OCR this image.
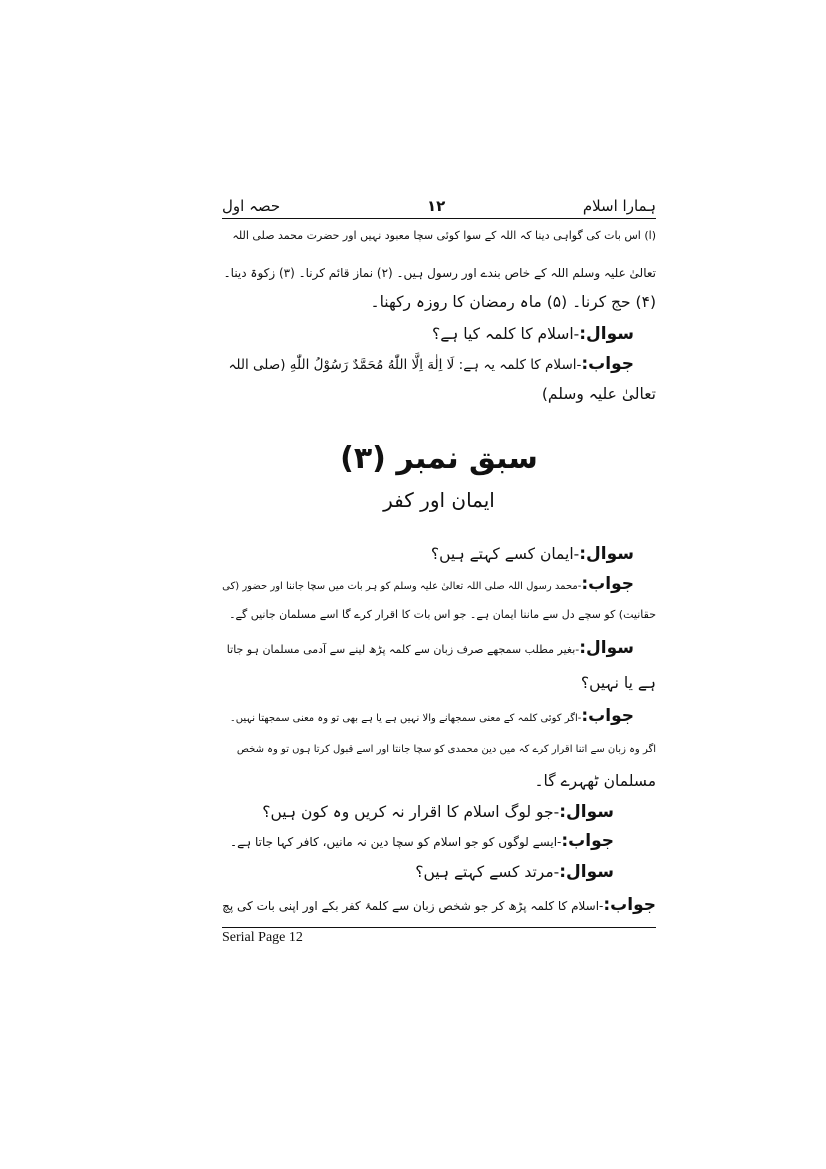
حصہ اول	۱۲	ہمارا اسلام
(ا) اس بات کی گواہی دینا کہ اللہ کے سوا کوئی سچا معبود نہیں اور حضرت محمد صلی اللہ
تعالیٰ علیہ وسلم اللہ کے خاص بندے اور رسول ہیں۔ (۲) نماز قائم کرنا۔ (۳) زکوۃ دینا۔
(۴) حج کرنا۔ (۵) ماہ رمضان کا روزہ رکھنا۔
سوال:-اسلام کا کلمہ کیا ہے؟
جواب:-اسلام کا کلمہ یہ ہے: لَا اِلٰهَ اِلَّا اللّٰهُ مُحَمَّدٌ رَسُوْلُ اللّٰهِ (صلی اللہ
تعالیٰ علیہ وسلم)
سبق نمبر (۳)
ایمان اور کفر
سوال:-ایمان کسے کہتے ہیں؟
جواب:-محمد رسول اللہ صلی اللہ تعالیٰ علیہ وسلم کو ہر بات میں سچا جاننا اور حضور (کی
حقانیت) کو سچے دل سے ماننا ایمان ہے۔ جو اس بات کا اقرار کرے گا اسے مسلمان جانیں گے۔
سوال:-بغیر مطلب سمجھے صرف زبان سے کلمہ پڑھ لینے سے آدمی مسلمان ہو جاتا
ہے یا نہیں؟
جواب:-اگر کوئی کلمہ کے معنی سمجھانے والا نہیں ہے یا ہے بھی تو وہ معنی سمجھتا نہیں۔
اگر وہ زبان سے اتنا اقرار کرے کہ میں دین محمدی کو سچا جانتا اور اسے قبول کرتا ہوں تو وہ شخص
مسلمان ٹھہرے گا۔
سوال:-جو لوگ اسلام کا اقرار نہ کریں وہ کون ہیں؟
جواب:-ایسے لوگوں کو جو اسلام کو سچا دین نہ مانیں، کافر کہا جاتا ہے۔
سوال:-مرتد کسے کہتے ہیں؟
جواب:-اسلام کا کلمہ پڑھ کر جو شخص زبان سے کلمۂ کفر بکے اور اپنی بات کی پچ
Serial Page 12
